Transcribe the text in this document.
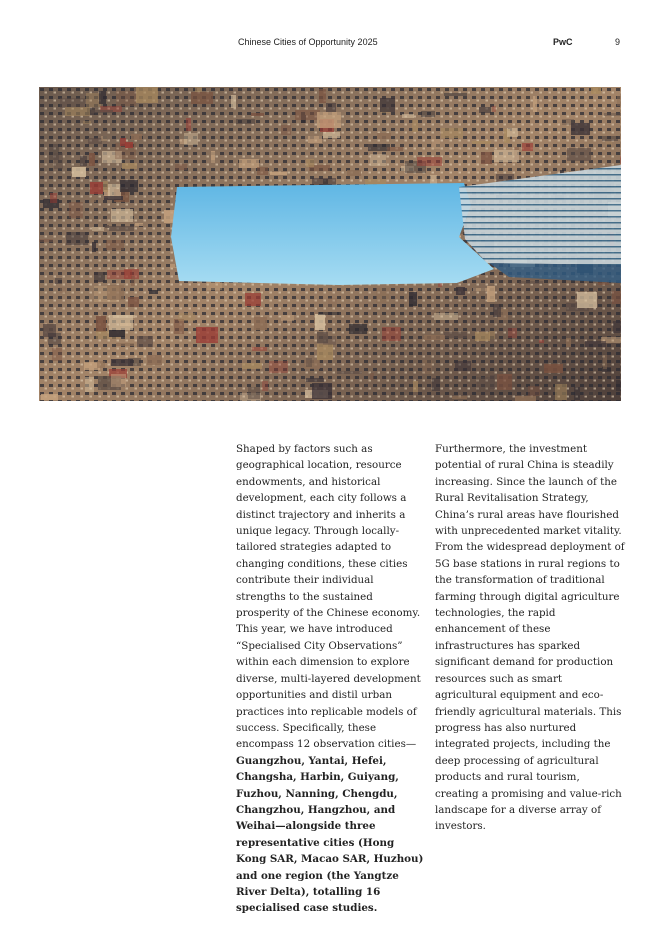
Chinese Cities of Opportunity 2025	PwC	9

Shaped by factors such as geographical location, resource endowments, and historical development, each city follows a distinct trajectory and inherits a unique legacy. Through locally-tailored strategies adapted to changing conditions, these cities contribute their individual strengths to the sustained prosperity of the Chinese economy. This year, we have introduced “Specialised City Observations” within each dimension to explore diverse, multi-layered development opportunities and distil urban practices into replicable models of success. Specifically, these encompass 12 observation cities—Guangzhou, Yantai, Hefei, Changsha, Harbin, Guiyang, Fuzhou, Nanning, Chengdu, Changzhou, Hangzhou, and Weihai—alongside three representative cities (Hong Kong SAR, Macao SAR, Huzhou) and one region (the Yangtze River Delta), totalling 16 specialised case studies.

Furthermore, the investment potential of rural China is steadily increasing. Since the launch of the Rural Revitalisation Strategy, China’s rural areas have flourished with unprecedented market vitality. From the widespread deployment of 5G base stations in rural regions to the transformation of traditional farming through digital agriculture technologies, the rapid enhancement of these infrastructures has sparked significant demand for production resources such as smart agricultural equipment and eco-friendly agricultural materials. This progress has also nurtured integrated projects, including the deep processing of agricultural products and rural tourism, creating a promising and value-rich landscape for a diverse array of investors.
